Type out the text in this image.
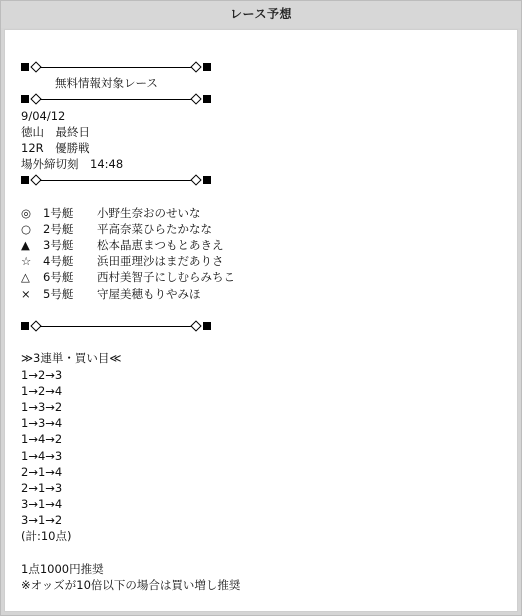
レース予想
無料情報対象レース
9/04/12
徳山　最終日
12R　優勝戦
場外締切刻　14:48
◎ 1号艇 小野生奈おのせいな
○ 2号艇 平高奈菜ひらたかなな
▲ 3号艇 松本晶恵まつもとあきえ
☆ 4号艇 浜田亜理沙はまだありさ
△ 6号艇 西村美智子にしむらみちこ
× 5号艇 守屋美穂もりやみほ
≫3連単・買い目≪
1→2→3
1→2→4
1→3→2
1→3→4
1→4→2
1→4→3
2→1→4
2→1→3
3→1→4
3→1→2
(計:10点)
1点1000円推奨
※オッズが10倍以下の場合は買い増し推奨
